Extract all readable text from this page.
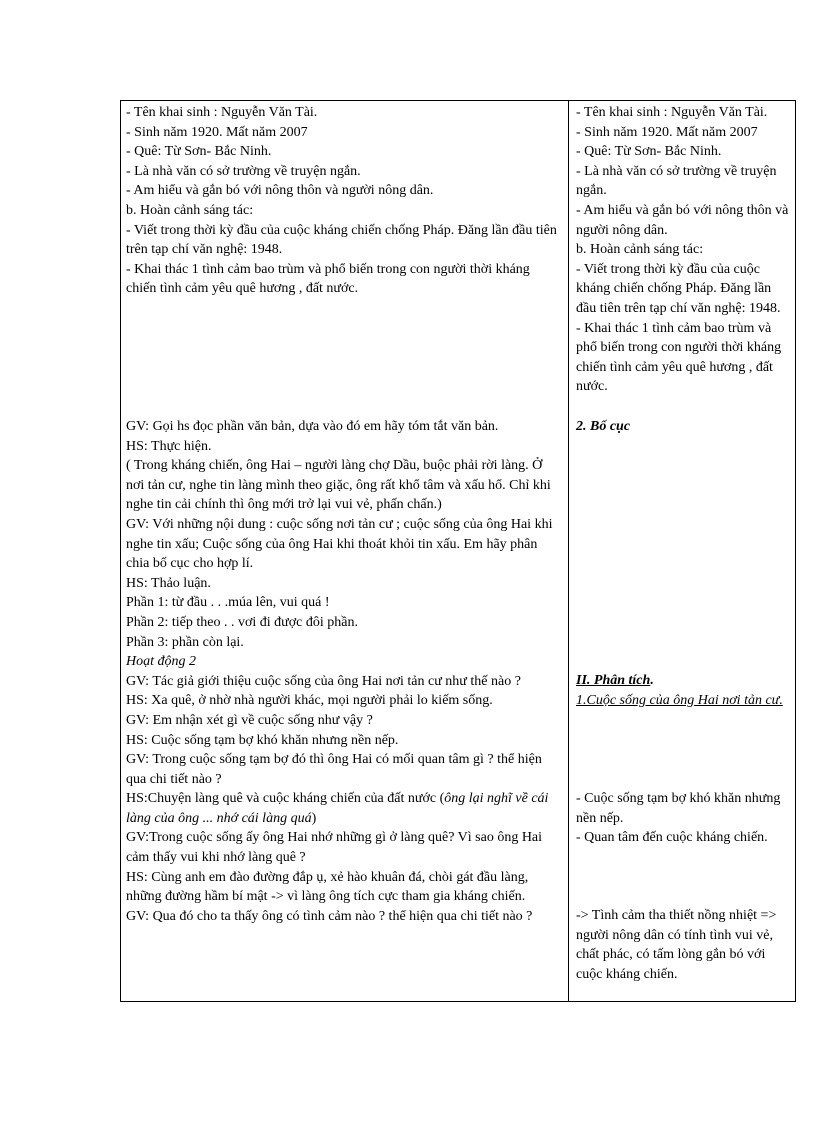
- Tên khai sinh : Nguyễn Văn Tài.
- Sinh năm 1920. Mất năm 2007
- Quê: Từ Sơn- Bắc Ninh.
- Là nhà văn có sở trường về truyện ngắn.
- Am hiểu và gắn bó với nông thôn và người nông dân.
b. Hoàn cảnh sáng tác:
- Viết trong thời kỳ đầu của cuộc kháng chiến chống Pháp. Đăng lần đầu tiên trên tạp chí văn nghệ: 1948.
- Khai thác 1 tình cảm bao trùm và phổ biến trong con người thời kháng chiến tình cảm yêu quê hương , đất nước.
- Tên khai sinh : Nguyễn Văn Tài.
- Sinh năm 1920. Mất năm 2007
- Quê: Từ Sơn- Bắc Ninh.
- Là nhà văn có sở trường về truyện ngắn.
- Am hiểu và gắn bó với nông thôn và người nông dân.
b. Hoàn cảnh sáng tác:
- Viết trong thời kỳ đầu của cuộc kháng chiến chống Pháp. Đăng lần đầu tiên trên tạp chí văn nghệ: 1948.
- Khai thác 1 tình cảm bao trùm và phổ biến trong con người thời kháng chiến tình cảm yêu quê hương , đất nước.
GV: Gọi hs đọc phần văn bản, dựa vào đó em hãy tóm tắt văn bản.
HS: Thực hiện.
( Trong kháng chiến, ông Hai – người làng chợ Dầu, buộc phải rời làng. Ở nơi tản cư, nghe tin làng mình theo giặc, ông rất khổ tâm và xấu hổ. Chỉ khi nghe tin cải chính thì ông mới trở lại vui vẻ, phấn chấn.)
GV: Với những nội dung : cuộc sống nơi tản cư ; cuộc sống của ông Hai khi nghe tin xấu; Cuộc sống của ông Hai khi thoát khỏi tin xấu. Em hãy phân chia bố cục cho hợp lí.
HS: Thảo luận.
Phần 1: từ đầu . . .múa lên, vui quá !
Phần 2: tiếp theo . . vơi đi được đôi phần.
Phần 3: phần còn lại.
Hoạt động 2
GV: Tác giả giới thiệu cuộc sống của ông Hai nơi tản cư như thế nào ?
HS: Xa quê, ở nhờ nhà người khác, mọi người phải lo kiếm sống.
GV: Em nhận xét gì về cuộc sống như vậy ?
HS: Cuộc sống tạm bợ khó khăn nhưng nền nếp.
GV: Trong cuộc sống tạm bợ đó thì ông Hai có mối quan tâm gì ? thể hiện qua chi tiết nào ?
HS:Chuyện làng quê và cuộc kháng chiến của đất nước (ông lại nghĩ về cái làng của ông ... nhớ cái làng quá)
GV:Trong cuộc sống ấy ông Hai nhớ những gì ở làng quê? Vì sao ông Hai cảm thấy vui khi nhớ làng quê ?
HS: Cùng anh em đào đường đắp ụ, xẻ hào khuân đá, chòi gát đầu làng, những đường hầm bí mật -> vì làng ông tích cực tham gia kháng chiến.
GV: Qua đó cho ta thấy ông có tình cảm nào ? thể hiện qua chi tiết nào ?
2. Bố cục
II. Phân tích.
1.Cuộc sống của ông Hai nơi tản cư.
- Cuộc sống tạm bợ khó khăn nhưng nền nếp.
- Quan tâm đến cuộc kháng chiến.
-> Tình cảm tha thiết nồng nhiệt => người nông dân có tính tình vui vẻ, chất phác, có tấm lòng gắn bó với cuộc kháng chiến.
